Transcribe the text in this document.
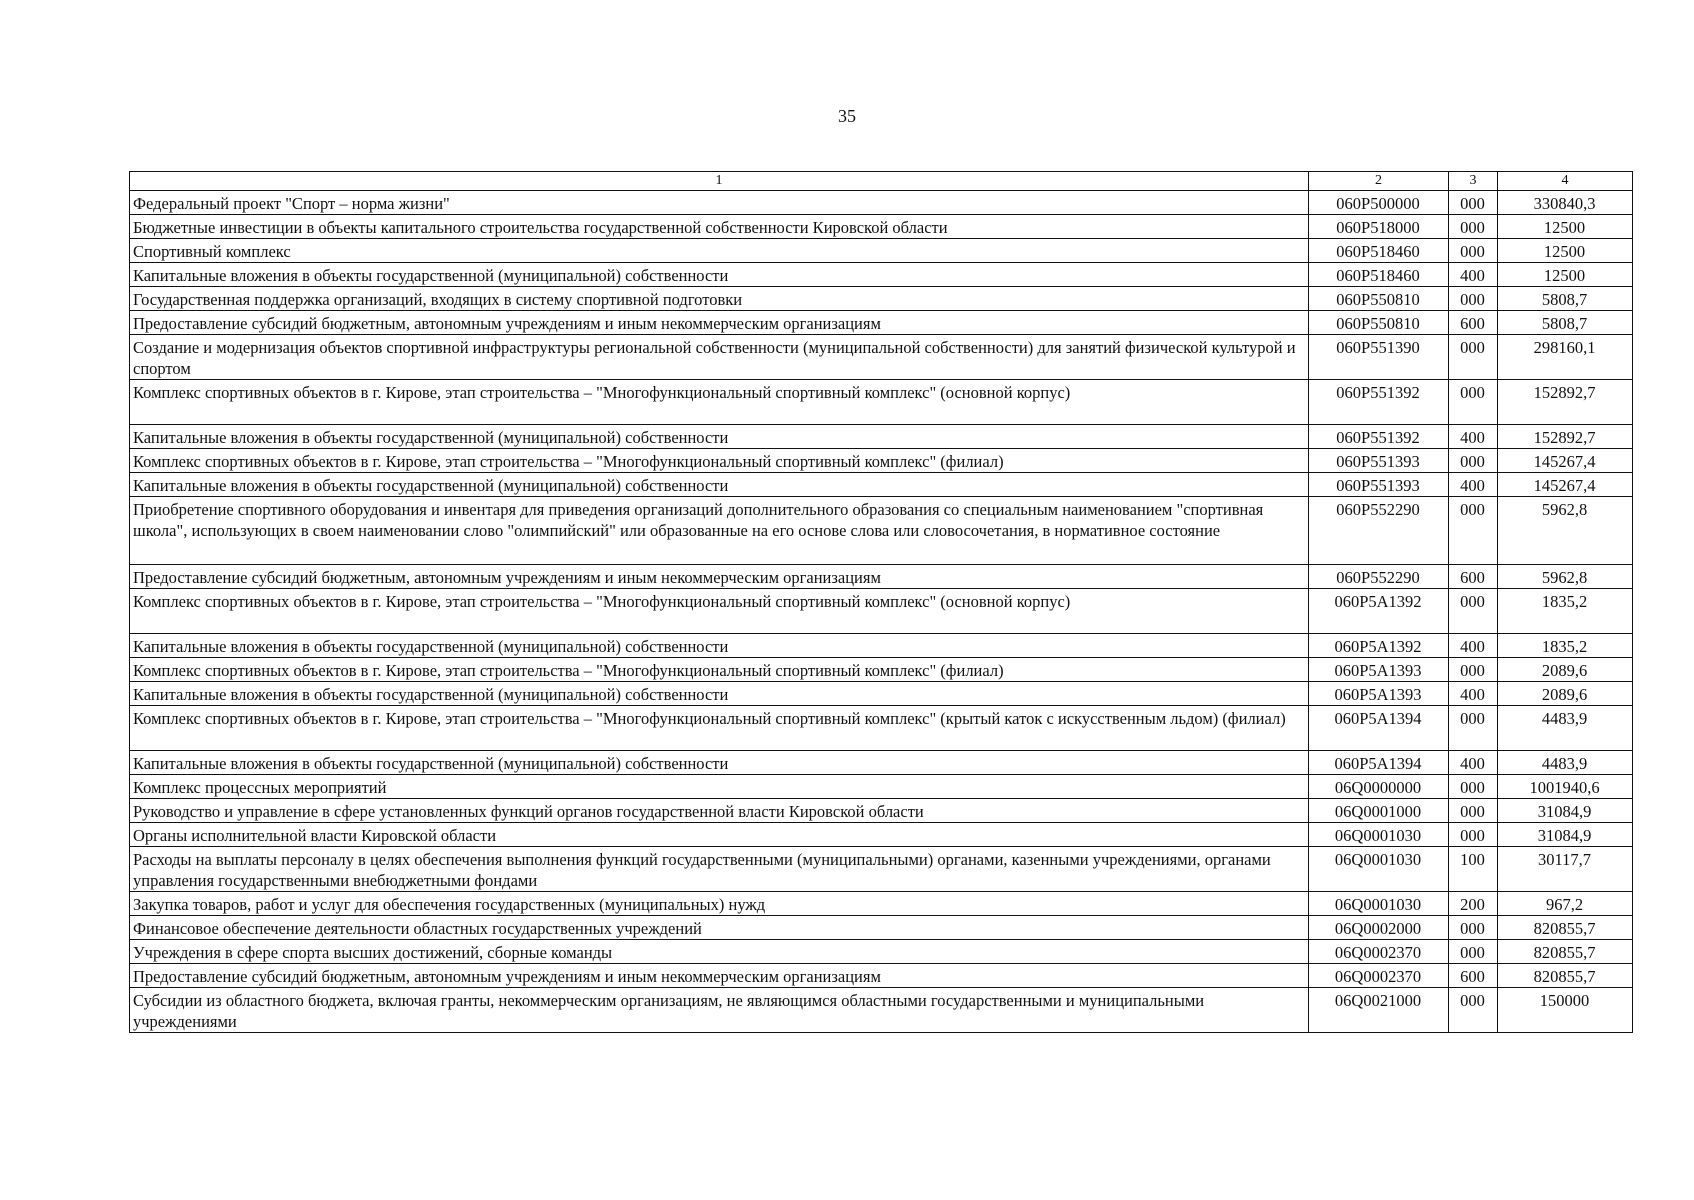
35
1	2	3	4
Федеральный проект "Спорт – норма жизни"	060P500000	000	330840,3
Бюджетные инвестиции в объекты капитального строительства государственной собственности Кировской области	060P518000	000	12500
Спортивный комплекс	060P518460	000	12500
Капитальные вложения в объекты государственной (муниципальной) собственности	060P518460	400	12500
Государственная поддержка организаций, входящих в систему спортивной подготовки	060P550810	000	5808,7
Предоставление субсидий бюджетным, автономным учреждениям и иным некоммерческим организациям	060P550810	600	5808,7
Создание и модернизация объектов спортивной инфраструктуры региональной собственности (муниципальной собственности) для занятий физической культурой и спортом	060P551390	000	298160,1
Комплекс спортивных объектов в г. Кирове, этап строительства – "Многофункциональный спортивный комплекс" (основной корпус)	060P551392	000	152892,7
Капитальные вложения в объекты государственной (муниципальной) собственности	060P551392	400	152892,7
Комплекс спортивных объектов в г. Кирове, этап строительства – "Многофункциональный спортивный комплекс" (филиал)	060P551393	000	145267,4
Капитальные вложения в объекты государственной (муниципальной) собственности	060P551393	400	145267,4
Приобретение спортивного оборудования и инвентаря для приведения организаций дополнительного образования со специальным наименованием "спортивная школа", использующих в своем наименовании слово "олимпийский" или образованные на его основе слова или словосочетания, в нормативное состояние	060P552290	000	5962,8
Предоставление субсидий бюджетным, автономным учреждениям и иным некоммерческим организациям	060P552290	600	5962,8
Комплекс спортивных объектов в г. Кирове, этап строительства – "Многофункциональный спортивный комплекс" (основной корпус)	060P5A1392	000	1835,2
Капитальные вложения в объекты государственной (муниципальной) собственности	060P5A1392	400	1835,2
Комплекс спортивных объектов в г. Кирове, этап строительства – "Многофункциональный спортивный комплекс" (филиал)	060P5A1393	000	2089,6
Капитальные вложения в объекты государственной (муниципальной) собственности	060P5A1393	400	2089,6
Комплекс спортивных объектов в г. Кирове, этап строительства – "Многофункциональный спортивный комплекс" (крытый каток с искусственным льдом) (филиал)	060P5A1394	000	4483,9
Капитальные вложения в объекты государственной (муниципальной) собственности	060P5A1394	400	4483,9
Комплекс процессных мероприятий	06Q0000000	000	1001940,6
Руководство и управление в сфере установленных функций органов государственной власти Кировской области	06Q0001000	000	31084,9
Органы исполнительной власти Кировской области	06Q0001030	000	31084,9
Расходы на выплаты персоналу в целях обеспечения выполнения функций государственными (муниципальными) органами, казенными учреждениями, органами управления государственными внебюджетными фондами	06Q0001030	100	30117,7
Закупка товаров, работ и услуг для обеспечения государственных (муниципальных) нужд	06Q0001030	200	967,2
Финансовое обеспечение деятельности областных государственных учреждений	06Q0002000	000	820855,7
Учреждения в сфере спорта высших достижений, сборные команды	06Q0002370	000	820855,7
Предоставление субсидий бюджетным, автономным учреждениям и иным некоммерческим организациям	06Q0002370	600	820855,7
Субсидии из областного бюджета, включая гранты, некоммерческим организациям, не являющимся областными государственными и муниципальными учреждениями	06Q0021000	000	150000
